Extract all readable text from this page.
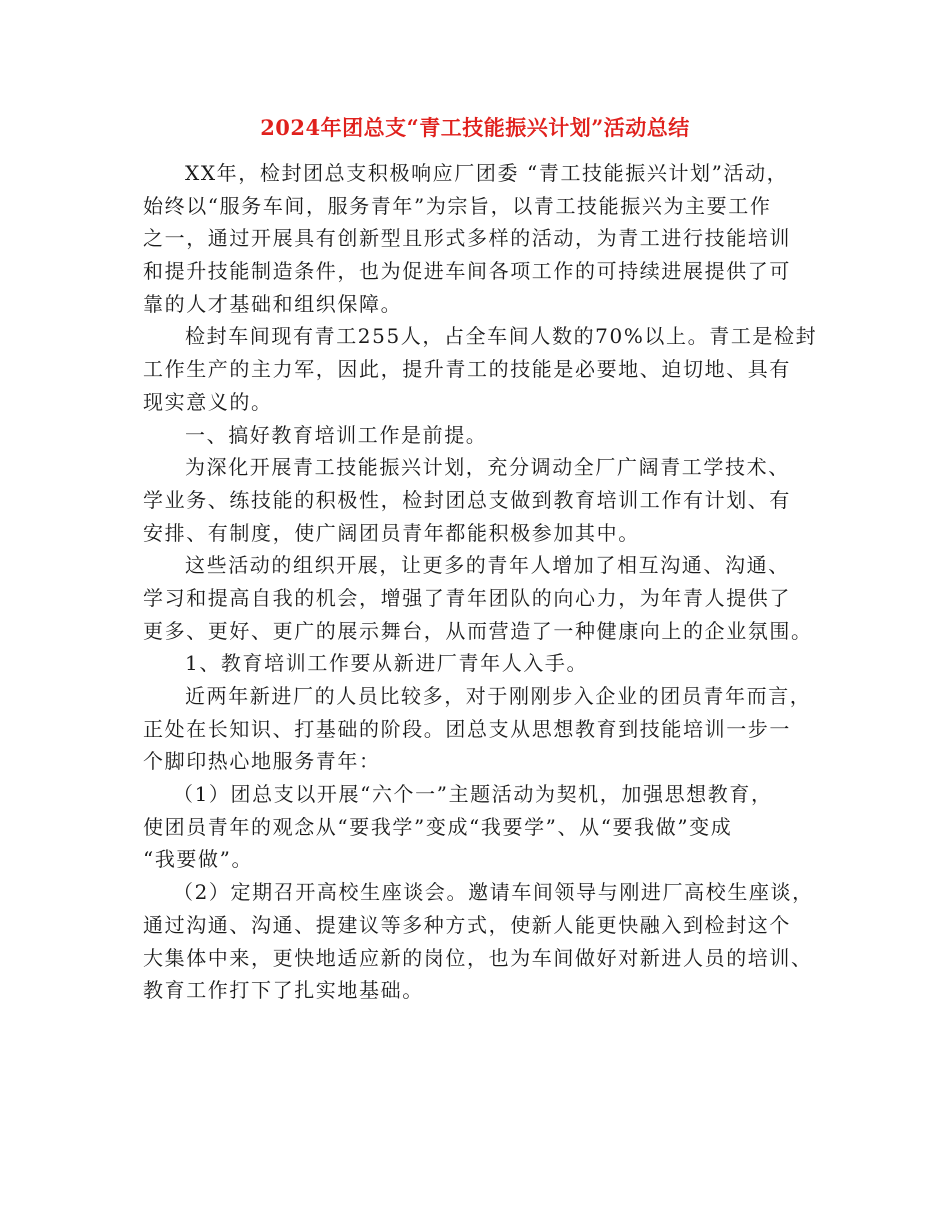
2024年团总支“青工技能振兴计划”活动总结
XX年，检封团总支积极响应厂团委 “青工技能振兴计划”活动，
始终以“服务车间，服务青年”为宗旨，以青工技能振兴为主要工作
之一，通过开展具有创新型且形式多样的活动，为青工进行技能培训
和提升技能制造条件，也为促进车间各项工作的可持续进展提供了可
靠的人才基础和组织保障。
检封车间现有青工255人，占全车间人数的70%以上。青工是检封
工作生产的主力军，因此，提升青工的技能是必要地、迫切地、具有
现实意义的。
一、搞好教育培训工作是前提。
为深化开展青工技能振兴计划，充分调动全厂广阔青工学技术、
学业务、练技能的积极性，检封团总支做到教育培训工作有计划、有
安排、有制度，使广阔团员青年都能积极参加其中。
这些活动的组织开展，让更多的青年人增加了相互沟通、沟通、
学习和提高自我的机会，增强了青年团队的向心力，为年青人提供了
更多、更好、更广的展示舞台，从而营造了一种健康向上的企业氛围。
1、教育培训工作要从新进厂青年人入手。
近两年新进厂的人员比较多，对于刚刚步入企业的团员青年而言，
正处在长知识、打基础的阶段。团总支从思想教育到技能培训一步一
个脚印热心地服务青年：
（1）团总支以开展“六个一”主题活动为契机，加强思想教育，
使团员青年的观念从“要我学”变成“我要学”、从“要我做”变成
“我要做”。
（2）定期召开高校生座谈会。邀请车间领导与刚进厂高校生座谈，
通过沟通、沟通、提建议等多种方式，使新人能更快融入到检封这个
大集体中来，更快地适应新的岗位，也为车间做好对新进人员的培训、
教育工作打下了扎实地基础。
